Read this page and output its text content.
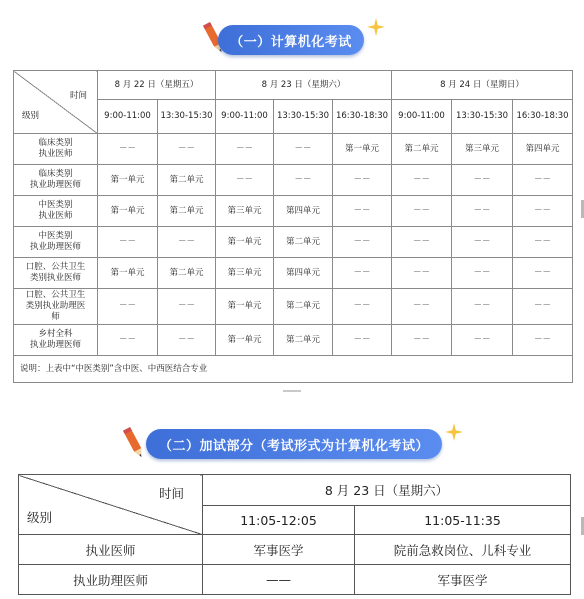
（一）计算机化考试
时间
级别	8 月 22 日（星期五）		8 月 23 日（星期六）			8 月 24 日（星期日）		
	9:00-11:00	13:30-15:30	9:00-11:00	13:30-15:30	16:30-18:30	9:00-11:00	13:30-15:30	16:30-18:30
临床类别
执业医师	－－	－－	－－	－－	第一单元	第二单元	第三单元	第四单元
临床类别
执业助理医师	第一单元	第二单元	－－	－－	－－	－－	－－	－－
中医类别
执业医师	第一单元	第二单元	第三单元	第四单元	－－	－－	－－	－－
中医类别
执业助理医师	－－	－－	第一单元	第二单元	－－	－－	－－	－－
口腔、公共卫生
类别执业医师	第一单元	第二单元	第三单元	第四单元	－－	－－	－－	－－
口腔、公共卫生
类别执业助理医
师	－－	－－	第一单元	第二单元	－－	－－	－－	－－
乡村全科
执业助理医师	－－	－－	第一单元	第二单元	－－	－－	－－	－－
说明：上表中“中医类别”含中医、中西医结合专业								
（二）加试部分（考试形式为计算机化考试）
时间
级别	8 月 23 日（星期六）	
	11:05-12:05	11:05-11:35
执业医师	军事医学	院前急救岗位、儿科专业
执业助理医师	——	军事医学
